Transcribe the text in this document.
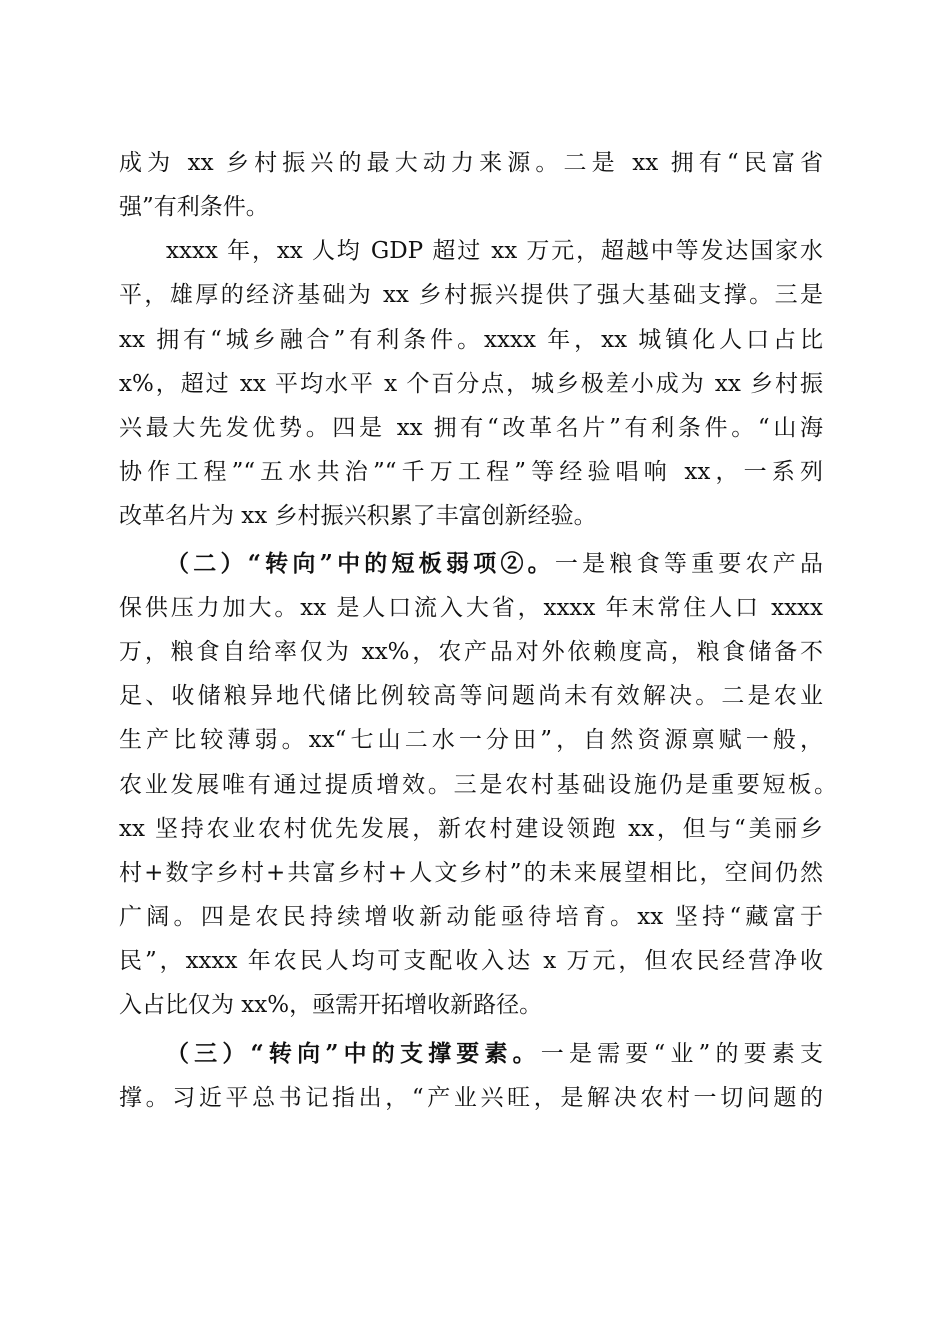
成为 xx 乡村振兴的最大动力来源。二是 xx 拥有“民富省

强”有利条件。

xxxx 年，xx 人均 GDP 超过 xx 万元，超越中等发达国家水

平，雄厚的经济基础为 xx 乡村振兴提供了强大基础支撑。三是

xx 拥有“城乡融合”有利条件。xxxx 年，xx 城镇化人口占比

x%，超过 xx 平均水平 x 个百分点，城乡极差小成为 xx 乡村振

兴最大先发优势。四是 xx 拥有“改革名片”有利条件。“山海

协作工程”“五水共治”“千万工程”等经验唱响 xx，一系列

改革名片为 xx 乡村振兴积累了丰富创新经验。

（二）“转向”中的短板弱项②。一是粮食等重要农产品

保供压力加大。xx 是人口流入大省，xxxx 年末常住人口 xxxx

万，粮食自给率仅为 xx%，农产品对外依赖度高，粮食储备不

足、收储粮异地代储比例较高等问题尚未有效解决。二是农业

生产比较薄弱。xx“七山二水一分田”，自然资源禀赋一般，

农业发展唯有通过提质增效。三是农村基础设施仍是重要短板。

xx 坚持农业农村优先发展，新农村建设领跑 xx，但与“美丽乡

村+数字乡村+共富乡村+人文乡村”的未来展望相比，空间仍然

广阔。四是农民持续增收新动能亟待培育。xx 坚持“藏富于

民”，xxxx 年农民人均可支配收入达 x 万元，但农民经营净收

入占比仅为 xx%，亟需开拓增收新路径。

（三）“转向”中的支撑要素。一是需要“业”的要素支

撑。习近平总书记指出，“产业兴旺，是解决农村一切问题的
